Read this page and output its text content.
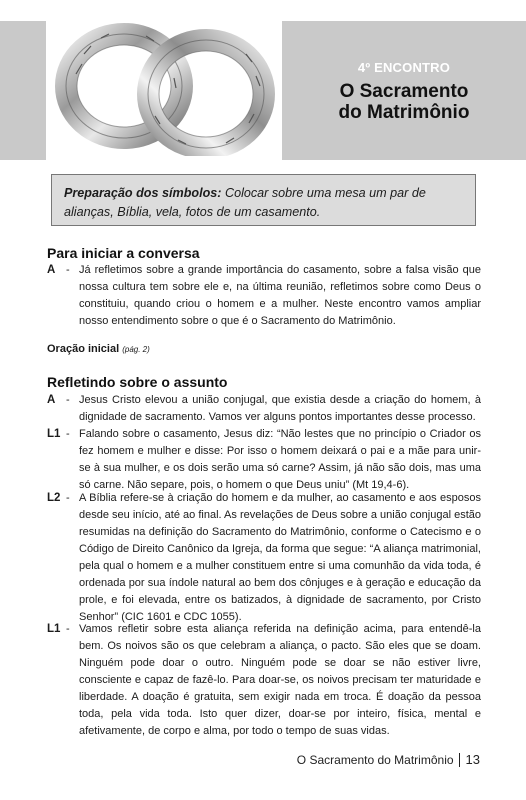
4º ENCONTRO
O Sacramento
do Matrimônio
Preparação dos símbolos: Colocar sobre uma mesa um par de alianças, Bíblia, vela, fotos de um casamento.
Para iniciar a conversa
A - Já refletimos sobre a grande importância do casamento, sobre a falsa visão que nossa cultura tem sobre ele e, na última reunião, refletimos sobre como Deus o constituiu, quando criou o homem e a mulher. Neste encontro vamos ampliar nosso entendimento sobre o que é o Sacramento do Matrimônio.
Oração inicial (pág. 2)
Refletindo sobre o assunto
A - Jesus Cristo elevou a união conjugal, que existia desde a criação do homem, à dignidade de sacramento. Vamos ver alguns pontos importantes desse processo.
L1 - Falando sobre o casamento, Jesus diz: “Não lestes que no princípio o Criador os fez homem e mulher e disse: Por isso o homem deixará o pai e a mãe para unir-se à sua mulher, e os dois serão uma só carne? Assim, já não são dois, mas uma só carne. Não separe, pois, o homem o que Deus uniu” (Mt 19,4-6).
L2 - A Bíblia refere-se à criação do homem e da mulher, ao casamento e aos esposos desde seu início, até ao final. As revelações de Deus sobre a união conjugal estão resumidas na definição do Sacramento do Matrimônio, conforme o Catecismo e o Código de Direito Canônico da Igreja, da forma que segue: “A aliança matrimonial, pela qual o homem e a mulher constituem entre si uma comunhão da vida toda, é ordenada por sua índole natural ao bem dos cônjuges e à geração e educação da prole, e foi elevada, entre os batizados, à dignidade de sacramento, por Cristo Senhor” (CIC 1601 e CDC 1055).
L1 - Vamos refletir sobre esta aliança referida na definição acima, para entendê-la bem. Os noivos são os que celebram a aliança, o pacto. São eles que se doam. Ninguém pode doar o outro. Ninguém pode se doar se não estiver livre, consciente e capaz de fazê-lo. Para doar-se, os noivos precisam ter maturidade e liberdade. A doação é gratuita, sem exigir nada em troca. É doação da pessoa toda, pela vida toda. Isto quer dizer, doar-se por inteiro, física, mental e afetivamente, de corpo e alma, por todo o tempo de suas vidas.
O Sacramento do Matrimônio 13
